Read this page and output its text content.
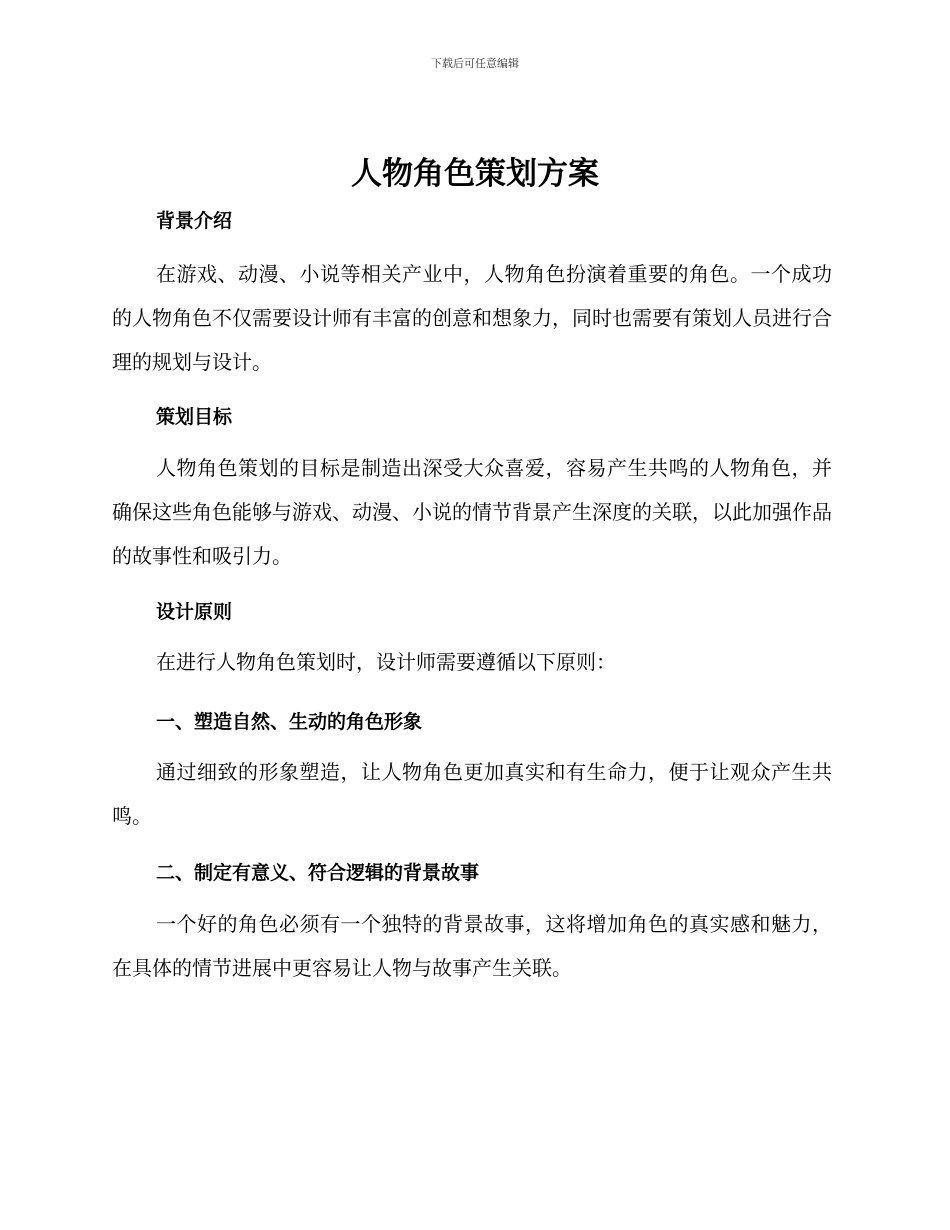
下载后可任意编辑
人物角色策划方案
背景介绍

在游戏、动漫、小说等相关产业中，人物角色扮演着重要的角色。一个成功的人物角色不仅需要设计师有丰富的创意和想象力，同时也需要有策划人员进行合理的规划与设计。

策划目标

人物角色策划的目标是制造出深受大众喜爱，容易产生共鸣的人物角色，并确保这些角色能够与游戏、动漫、小说的情节背景产生深度的关联，以此加强作品的故事性和吸引力。

设计原则

在进行人物角色策划时，设计师需要遵循以下原则：

一、塑造自然、生动的角色形象

通过细致的形象塑造，让人物角色更加真实和有生命力，便于让观众产生共鸣。

二、制定有意义、符合逻辑的背景故事

一个好的角色必须有一个独特的背景故事，这将增加角色的真实感和魅力，在具体的情节进展中更容易让人物与故事产生关联。
